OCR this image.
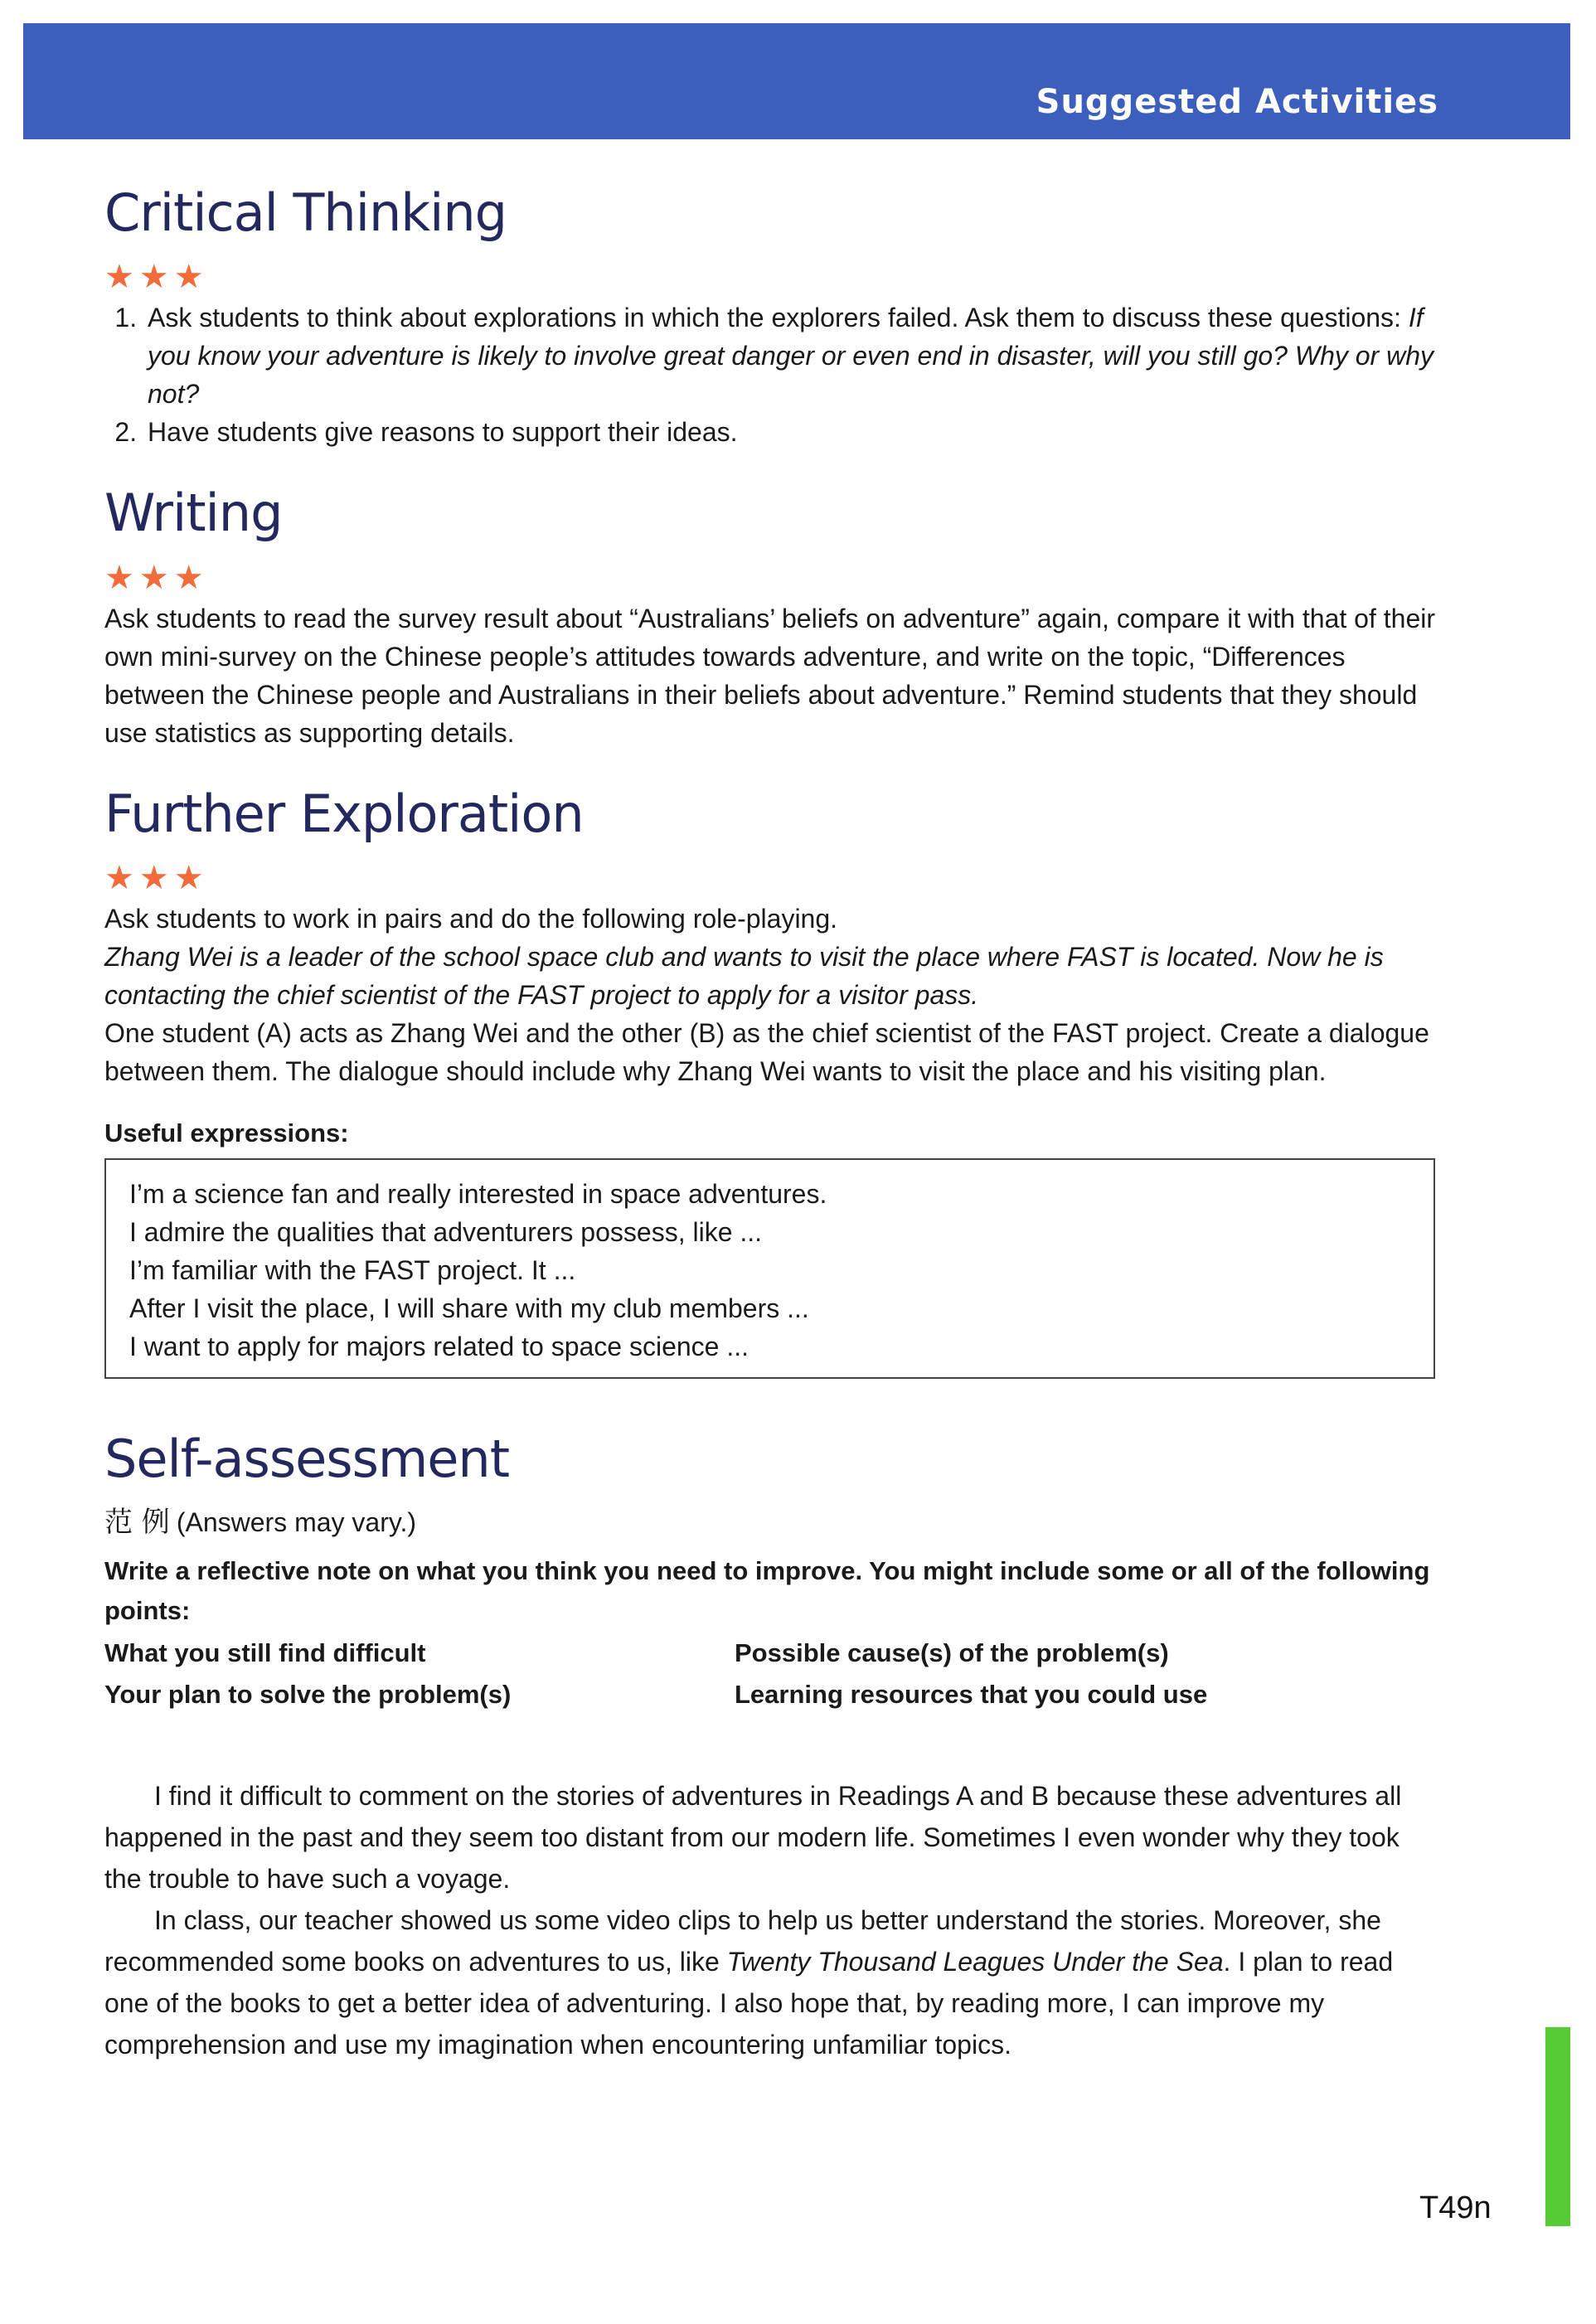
Suggested Activities
Critical Thinking
★★★
1. Ask students to think about explorations in which the explorers failed. Ask them to discuss these questions: If you know your adventure is likely to involve great danger or even end in disaster, will you still go? Why or why not?
2. Have students give reasons to support their ideas.
Writing
★★★

Ask students to read the survey result about “Australians’ beliefs on adventure” again, compare it with that of their own mini-survey on the Chinese people’s attitudes towards adventure, and write on the topic, “Differences between the Chinese people and Australians in their beliefs about adventure.” Remind students that they should use statistics as supporting details.

Further Exploration
★★★

Ask students to work in pairs and do the following role-playing.

Zhang Wei is a leader of the school space club and wants to visit the place where FAST is located. Now he is contacting the chief scientist of the FAST project to apply for a visitor pass.

One student (A) acts as Zhang Wei and the other (B) as the chief scientist of the FAST project. Create a dialogue between them. The dialogue should include why Zhang Wei wants to visit the place and his visiting plan.

Useful expressions:
I’m a science fan and really interested in space adventures.
I admire the qualities that adventurers possess, like ...
I’m familiar with the FAST project. It ...
After I visit the place, I will share with my club members ...
I want to apply for majors related to space science ...
Self-assessment
范 例 (Answers may vary.)

Write a reflective note on what you think you need to improve. You might include some or all of the following points:

What you still find difficult	Possible cause(s) of the problem(s)
Your plan to solve the problem(s)	Learning resources that you could use

I find it difficult to comment on the stories of adventures in Readings A and B because these adventures all happened in the past and they seem too distant from our modern life. Sometimes I even wonder why they took the trouble to have such a voyage.

In class, our teacher showed us some video clips to help us better understand the stories. Moreover, she recommended some books on adventures to us, like Twenty Thousand Leagues Under the Sea. I plan to read one of the books to get a better idea of adventuring. I also hope that, by reading more, I can improve my comprehension and use my imagination when encountering unfamiliar topics.

T49n
